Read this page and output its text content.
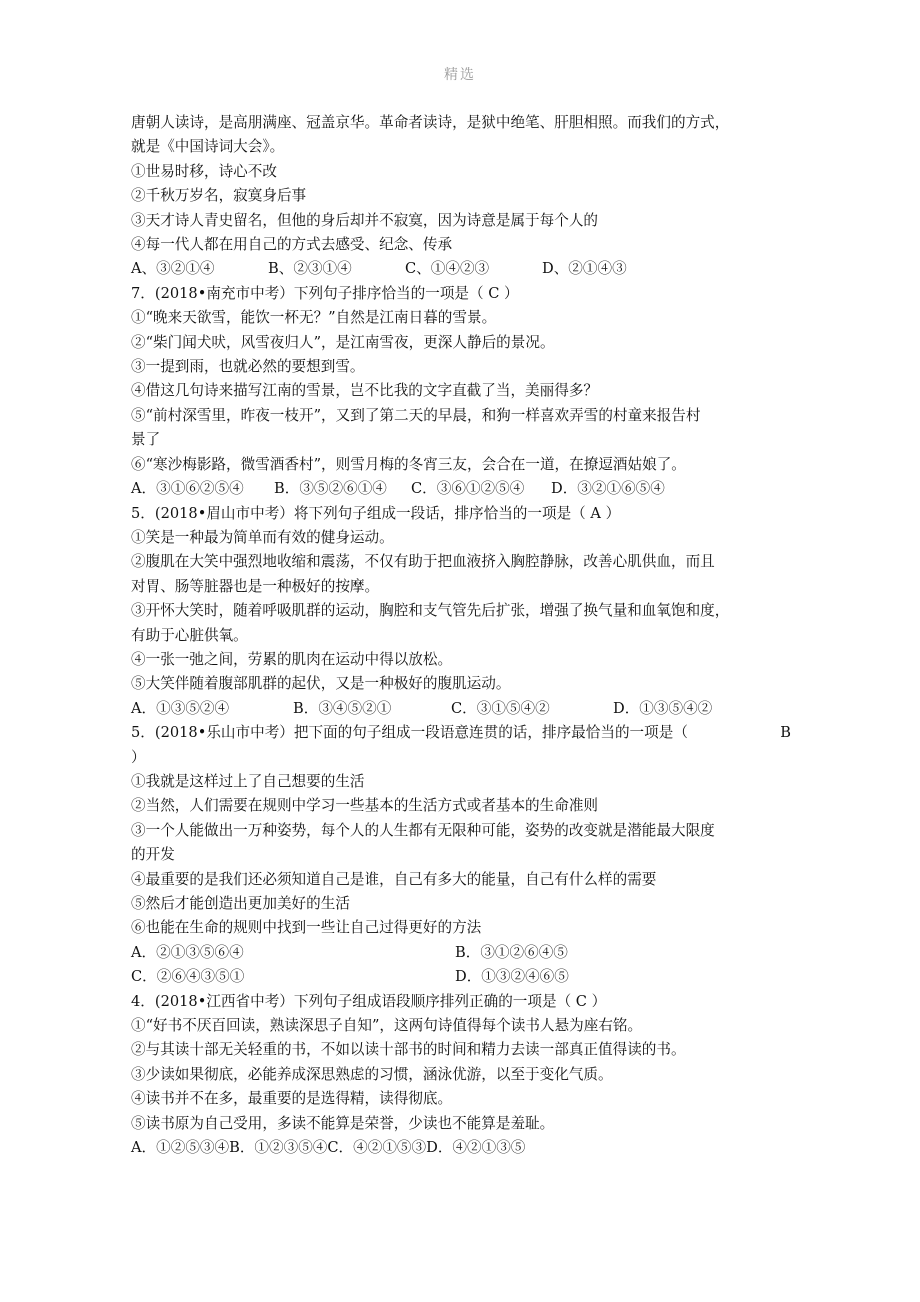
精选
唐朝人读诗，是高朋满座、冠盖京华。革命者读诗，是狱中绝笔、肝胆相照。而我们的方式，
就是《中国诗词大会》。
①世易时移，诗心不改
②千秋万岁名，寂寞身后事
③天才诗人青史留名，但他的身后却并不寂寞，因为诗意是属于每个人的
④每一代人都在用自己的方式去感受、纪念、传承
A、③②①④	B、②③①④	C、①④②③	D、②①④③
7．(2018•南充市中考）下列句子排序恰当的一项是（ C ）
①“晚来天欲雪，能饮一杯无？”自然是江南日暮的雪景。
②“柴门闻犬吠，风雪夜归人”，是江南雪夜，更深人静后的景况。
③一提到雨，也就必然的要想到雪。
④借这几句诗来描写江南的雪景，岂不比我的文字直截了当，美丽得多？
⑤“前村深雪里，昨夜一枝开”，又到了第二天的早晨，和狗一样喜欢弄雪的村童来报告村
景了
⑥“寒沙梅影路，微雪酒香村”，则雪月梅的冬宵三友，会合在一道，在撩逗酒姑娘了。
A．③①⑥②⑤④	B．③⑤②⑥①④	C．③⑥①②⑤④	D．③②①⑥⑤④
5．(2018•眉山市中考）将下列句子组成一段话，排序恰当的一项是（ A ）
①笑是一种最为简单而有效的健身运动。
②腹肌在大笑中强烈地收缩和震荡，不仅有助于把血液挤入胸腔静脉，改善心肌供血，而且
对胃、肠等脏器也是一种极好的按摩。
③开怀大笑时，随着呼吸肌群的运动，胸腔和支气管先后扩张，增强了换气量和血氧饱和度，
有助于心脏供氧。
④一张一弛之间，劳累的肌肉在运动中得以放松。
⑤大笑伴随着腹部肌群的起伏，又是一种极好的腹肌运动。
A．①③⑤②④	B．③④⑤②①	C．③①⑤④②	D．①③⑤④②
5．(2018•乐山市中考）把下面的句子组成一段语意连贯的话，排序最恰当的一项是（	B
）
①我就是这样过上了自己想要的生活
②当然，人们需要在规则中学习一些基本的生活方式或者基本的生命准则
③一个人能做出一万种姿势，每个人的人生都有无限种可能，姿势的改变就是潜能最大限度
的开发
④最重要的是我们还必须知道自己是谁，自己有多大的能量，自己有什么样的需要
⑤然后才能创造出更加美好的生活
⑥也能在生命的规则中找到一些让自己过得更好的方法
A．②①③⑤⑥④	B．③①②⑥④⑤
C．②⑥④③⑤①	D．①③②④⑥⑤
4．(2018•江西省中考）下列句子组成语段顺序排列正确的一项是（ C ）
①“好书不厌百回读，熟读深思子自知”，这两句诗值得每个读书人悬为座右铭。
②与其读十部无关轻重的书，不如以读十部书的时间和精力去读一部真正值得读的书。
③少读如果彻底，必能养成深思熟虑的习惯，涵泳优游，以至于变化气质。
④读书并不在多，最重要的是选得精，读得彻底。
⑤读书原为自己受用，多读不能算是荣誉，少读也不能算是羞耻。
A．①②⑤③④B．①②③⑤④C．④②①⑤③D．④②①③⑤
